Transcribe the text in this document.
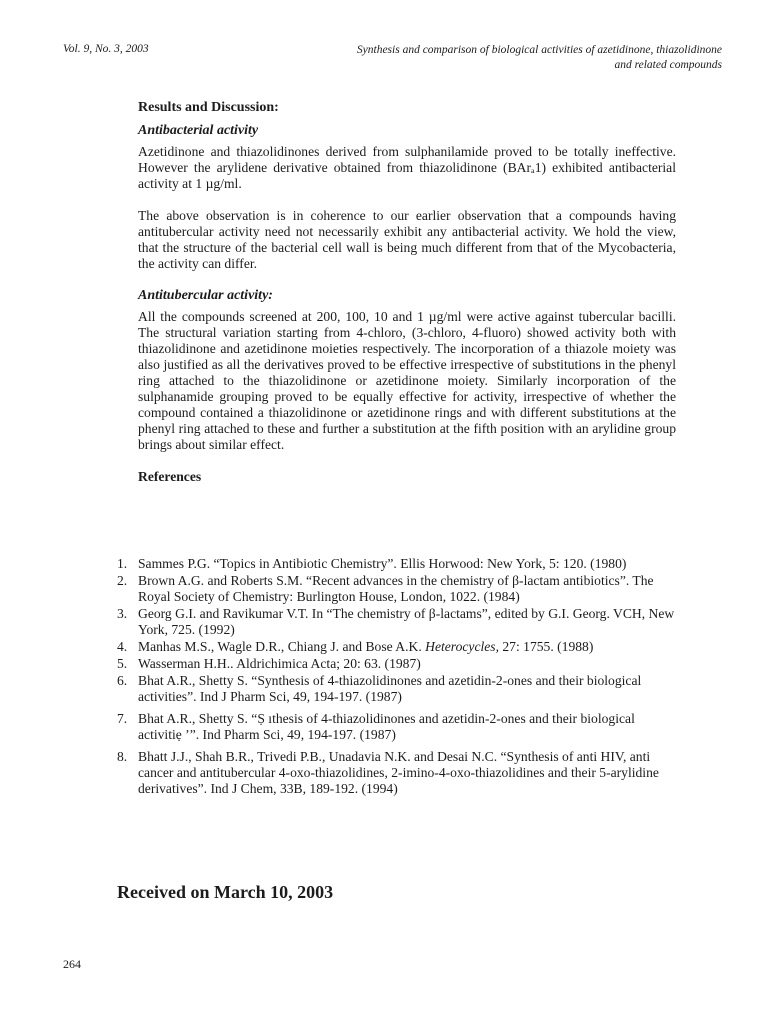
Vol. 9, No. 3, 2003	Synthesis and comparison of biological activities of azetidinone, thiazolidinone
and related compounds
Results and Discussion:
Antibacterial activity

Azetidinone and thiazolidinones derived from sulphanilamide proved to be totally ineffective. However the arylidene derivative obtained from thiazolidinone (BArₐ1) exhibited antibacterial activity at 1 µg/ml.

The above observation is in coherence to our earlier observation that a compounds having antitubercular activity need not necessarily exhibit any antibacterial activity. We hold the view, that the structure of the bacterial cell wall is being much different from that of the Mycobacteria, the activity can differ.

Antitubercular activity:

All the compounds screened at 200, 100, 10 and 1 µg/ml were active against tubercular bacilli. The structural variation starting from 4-chloro, (3-chloro, 4-fluoro) showed activity both with thiazolidinone and azetidinone moieties respectively. The incorporation of a thiazole moiety was also justified as all the derivatives proved to be effective irrespective of substitutions in the phenyl ring attached to the thiazolidinone or azetidinone moiety. Similarly incorporation of the sulphanamide grouping proved to be equally effective for activity, irrespective of whether the compound contained a thiazolidinone or azetidinone rings and with different substitutions at the phenyl ring attached to these and further a substitution at the fifth position with an arylidine group brings about similar effect.

References
1. Sammes P.G. “Topics in Antibiotic Chemistry”. Ellis Horwood: New York, 5: 120. (1980)
2. Brown A.G. and Roberts S.M. “Recent advances in the chemistry of β-lactam antibiotics”. The Royal Society of Chemistry: Burlington House, London, 1022. (1984)
3. Georg G.I. and Ravikumar V.T. In “The chemistry of β-lactams”, edited by G.I. Georg. VCH, New York, 725. (1992)
4. Manhas M.S., Wagle D.R., Chiang J. and Bose A.K. Heterocycles, 27: 1755. (1988)
5. Wasserman H.H.. Aldrichimica Acta; 20: 63. (1987)
6. Bhat A.R., Shetty S. “Synthesis of 4-thiazolidinones and azetidin-2-ones and their biological activities”. Ind J Pharm Sci, 49, 194-197. (1987)
7. Bhat A.R., Shetty S. “Ṣ ıthesis of 4-thiazolidinones and azetidin-2-ones and their biological activitiẹ ʼ”. Ind Pharm Sci, 49, 194-197. (1987)
8. Bhatt J.J., Shah B.R., Trivedi P.B., Unadavia N.K. and Desai N.C. “Synthesis of anti HIV, anti cancer and antitubercular 4-oxo-thiazolidines, 2-imino-4-oxo-thiazolidines and their 5-arylidine derivatives”. Ind J Chem, 33B, 189-192. (1994)
Received on March 10, 2003
264
